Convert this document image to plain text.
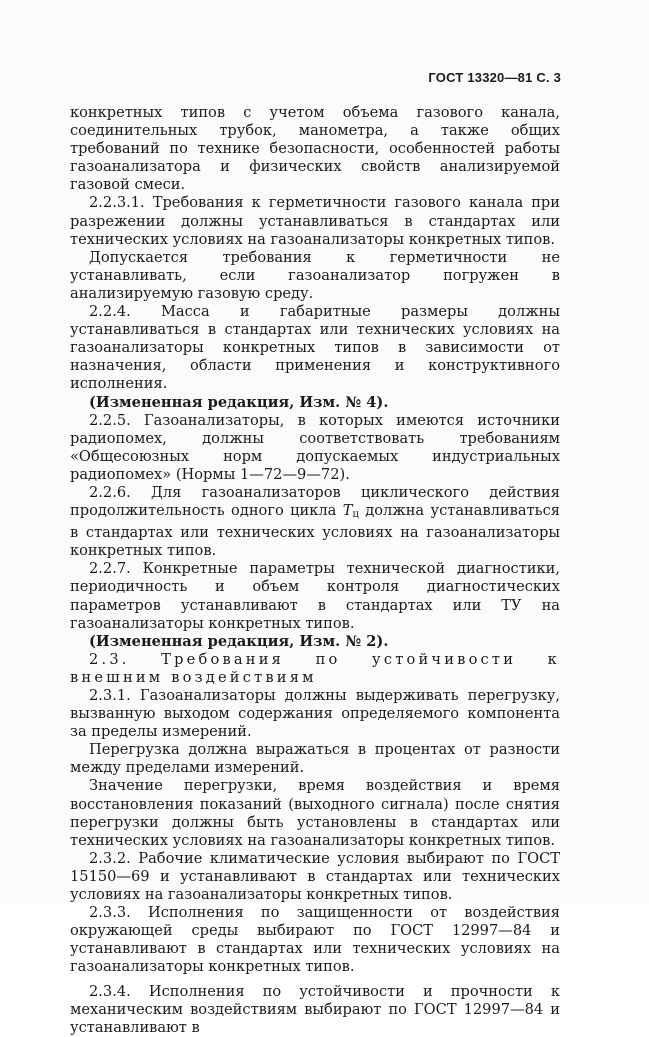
ГОСТ 13320—81 С. 3

конкретных типов с учетом объема газового канала, соединительных трубок, манометра, а также общих требований по технике безопасности, особенностей работы газоанализатора и физических свойств анализируемой газовой смеси.

2.2.3.1. Требования к герметичности газового канала при разрежении должны устанавливаться в стандартах или технических условиях на газоанализаторы конкретных типов.

Допускается требования к герметичности не устанавливать, если газоанализатор погружен в анализируемую газовую среду.

2.2.4. Масса и габаритные размеры должны устанавливаться в стандартах или технических условиях на газоанализаторы конкретных типов в зависимости от назначения, области применения и конструктивного исполнения.

(Измененная редакция, Изм. № 4).

2.2.5. Газоанализаторы, в которых имеются источники радиопомех, должны соответствовать требованиям «Общесоюзных норм допускаемых индустриальных радиопомех» (Нормы 1—72—9—72).

2.2.6. Для газоанализаторов циклического действия продолжительность одного цикла $T_ц$ должна устанавливаться в стандартах или технических условиях на газоанализаторы конкретных типов.

2.2.7. Конкретные параметры технической диагностики, периодичность и объем контроля диагностических параметров устанавливают в стандартах или ТУ на газоанализаторы конкретных типов.

(Измененная редакция, Изм. № 2).

2.3. Требования по устойчивости к внешним воздействиям

2.3.1. Газоанализаторы должны выдерживать перегрузку, вызванную выходом содержания определяемого компонента за пределы измерений.

Перегрузка должна выражаться в процентах от разности между пределами измерений.

Значение перегрузки, время воздействия и время восстановления показаний (выходного сигнала) после снятия перегрузки должны быть установлены в стандартах или технических условиях на газоанализаторы конкретных типов.

2.3.2. Рабочие климатические условия выбирают по ГОСТ 15150—69 и устанавливают в стандартах или технических условиях на газоанализаторы конкретных типов.

2.3.3. Исполнения по защищенности от воздействия окружающей среды выбирают по ГОСТ 12997—84 и устанавливают в стандартах или технических условиях на газоанализаторы конкретных типов.

2.3.4. Исполнения по устойчивости и прочности к механическим воздействиям выбирают по ГОСТ 12997—84 и устанавливают в
